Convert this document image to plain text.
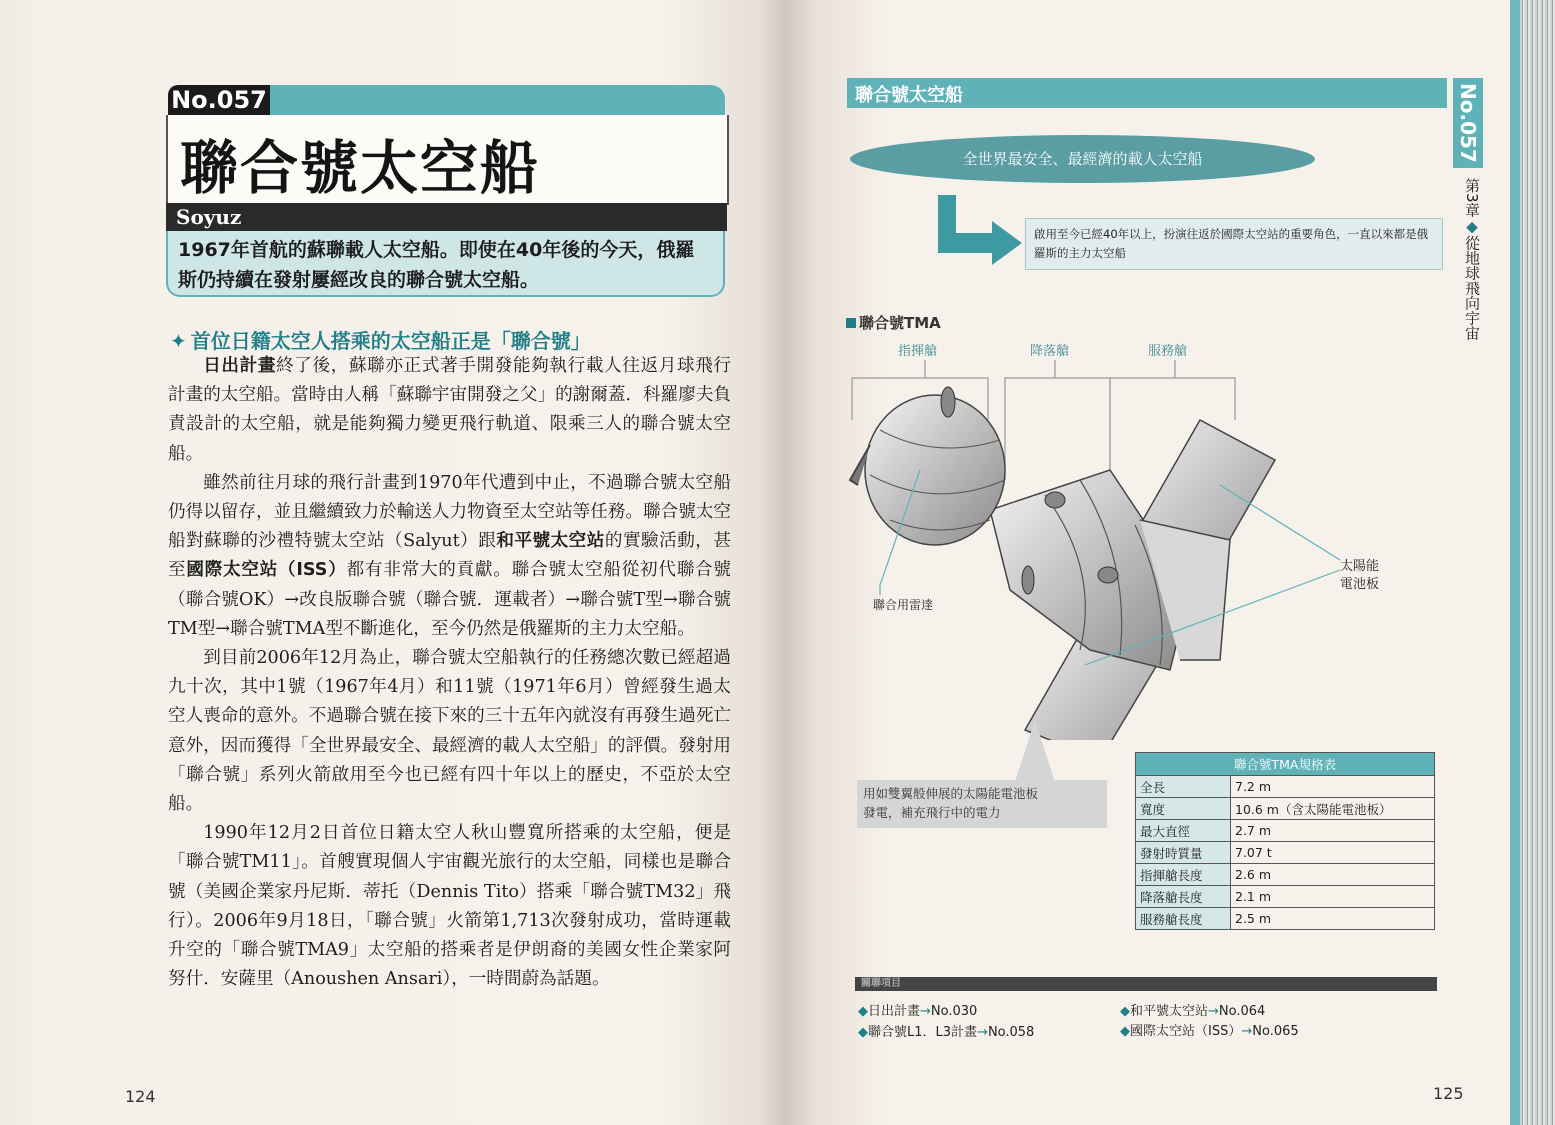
No.057
聯合號太空船
Soyuz
1967年首航的蘇聯載人太空船。即使在40年後的今天，俄羅斯仍持續在發射屢經改良的聯合號太空船。
✦ 首位日籍太空人搭乘的太空船正是「聯合號」

日出計畫終了後，蘇聯亦正式著手開發能夠執行載人往返月球飛行計畫的太空船。當時由人稱「蘇聯宇宙開發之父」的謝爾蓋．科羅廖夫負責設計的太空船，就是能夠獨力變更飛行軌道、限乘三人的聯合號太空船。

雖然前往月球的飛行計畫到1970年代遭到中止，不過聯合號太空船仍得以留存，並且繼續致力於輸送人力物資至太空站等任務。聯合號太空船對蘇聯的沙禮特號太空站（Salyut）跟和平號太空站的實驗活動，甚至國際太空站（ISS）都有非常大的貢獻。聯合號太空船從初代聯合號（聯合號OK）→改良版聯合號（聯合號．運載者）→聯合號T型→聯合號TM型→聯合號TMA型不斷進化，至今仍然是俄羅斯的主力太空船。

到目前2006年12月為止，聯合號太空船執行的任務總次數已經超過九十次，其中1號（1967年4月）和11號（1971年6月）曾經發生過太空人喪命的意外。不過聯合號在接下來的三十五年內就沒有再發生過死亡意外，因而獲得「全世界最安全、最經濟的載人太空船」的評價。發射用「聯合號」系列火箭啟用至今也已經有四十年以上的歷史，不亞於太空船。

1990年12月2日首位日籍太空人秋山豐寬所搭乘的太空船，便是「聯合號TM11」。首艘實現個人宇宙觀光旅行的太空船，同樣也是聯合號（美國企業家丹尼斯．蒂托（Dennis Tito）搭乘「聯合號TM32」飛行）。2006年9月18日，「聯合號」火箭第1,713次發射成功，當時運載升空的「聯合號TMA9」太空船的搭乘者是伊朗裔的美國女性企業家阿努什．安薩里（Anoushen Ansari），一時間蔚為話題。

124
聯合號太空船
全世界最安全、最經濟的載人太空船
啟用至今已經40年以上，扮演往返於國際太空站的重要角色，一直以來都是俄羅斯的主力太空船
聯合號TMA
指揮艙	降落艙	服務艙
聯合用雷達
太陽能
電池板
用如雙翼般伸展的太陽能電池板
發電，補充飛行中的電力
聯合號TMA規格表	
全長	7.2 m
寬度	10.6 m（含太陽能電池板）
最大直徑	2.7 m
發射時質量	7.07 t
指揮艙長度	2.6 m
降落艙長度	2.1 m
服務艙長度	2.5 m
關聯項目
◆日出計畫→No.030
◆聯合號L1．L3計畫→No.058
◆和平號太空站→No.064
◆國際太空站（ISS）→No.065
No.057
第3章◆從地球飛向宇宙
125
